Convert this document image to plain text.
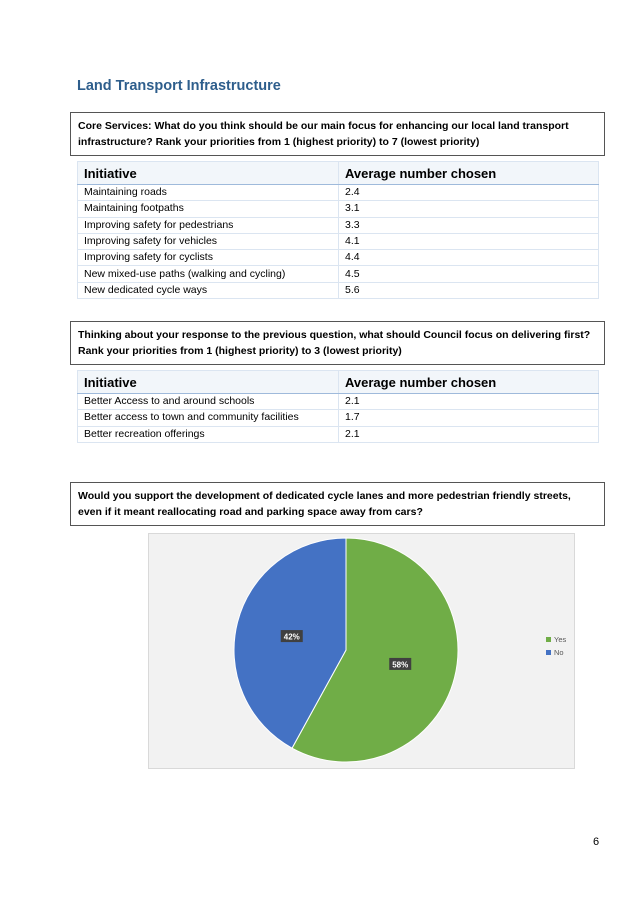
Land Transport Infrastructure
Core Services: What do you think should be our main focus for enhancing our local land transport infrastructure? Rank your priorities from 1 (highest priority) to 7 (lowest priority)
Initiative	Average number chosen
Maintaining roads	2.4
Maintaining footpaths	3.1
Improving safety for pedestrians	3.3
Improving safety for vehicles	4.1
Improving safety for cyclists	4.4
New mixed-use paths (walking and cycling)	4.5
New dedicated cycle ways	5.6
Thinking about your response to the previous question, what should Council focus on delivering first? Rank your priorities from 1 (highest priority) to 3 (lowest priority)
Initiative	Average number chosen
Better Access to and around schools	2.1
Better access to town and community facilities	1.7
Better recreation offerings	2.1
Would you support the development of dedicated cycle lanes and more pedestrian friendly streets, even if it meant reallocating road and parking space away from cars?
58%
42%	Yes
No
6
